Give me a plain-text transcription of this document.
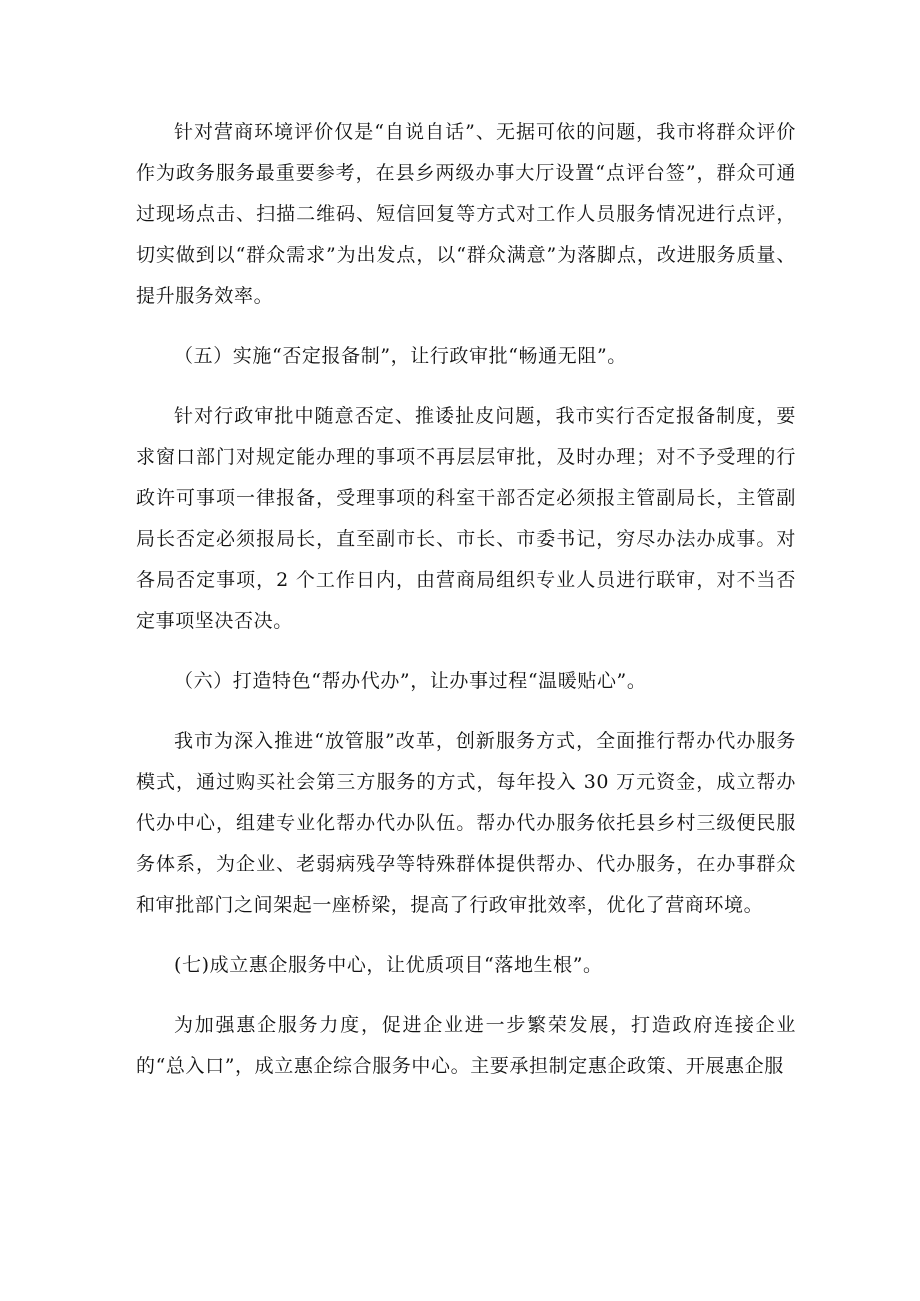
针对营商环境评价仅是“自说自话”、无据可依的问题，我市将群众评价作为政务服务最重要参考，在县乡两级办事大厅设置“点评台签”，群众可通过现场点击、扫描二维码、短信回复等方式对工作人员服务情况进行点评，切实做到以“群众需求”为出发点，以“群众满意”为落脚点，改进服务质量、提升服务效率。

（五）实施“否定报备制”，让行政审批“畅通无阻”。

针对行政审批中随意否定、推诿扯皮问题，我市实行否定报备制度，要求窗口部门对规定能办理的事项不再层层审批，及时办理；对不予受理的行政许可事项一律报备，受理事项的科室干部否定必须报主管副局长，主管副局长否定必须报局长，直至副市长、市长、市委书记，穷尽办法办成事。对各局否定事项，2 个工作日内，由营商局组织专业人员进行联审，对不当否定事项坚决否决。

（六）打造特色“帮办代办”，让办事过程“温暖贴心”。

我市为深入推进“放管服”改革，创新服务方式，全面推行帮办代办服务模式，通过购买社会第三方服务的方式，每年投入 30 万元资金，成立帮办代办中心，组建专业化帮办代办队伍。帮办代办服务依托县乡村三级便民服务体系，为企业、老弱病残孕等特殊群体提供帮办、代办服务，在办事群众和审批部门之间架起一座桥梁，提高了行政审批效率，优化了营商环境。

(七)成立惠企服务中心，让优质项目“落地生根”。

为加强惠企服务力度，促进企业进一步繁荣发展，打造政府连接企业的“总入口”，成立惠企综合服务中心。主要承担制定惠企政策、开展惠企服
